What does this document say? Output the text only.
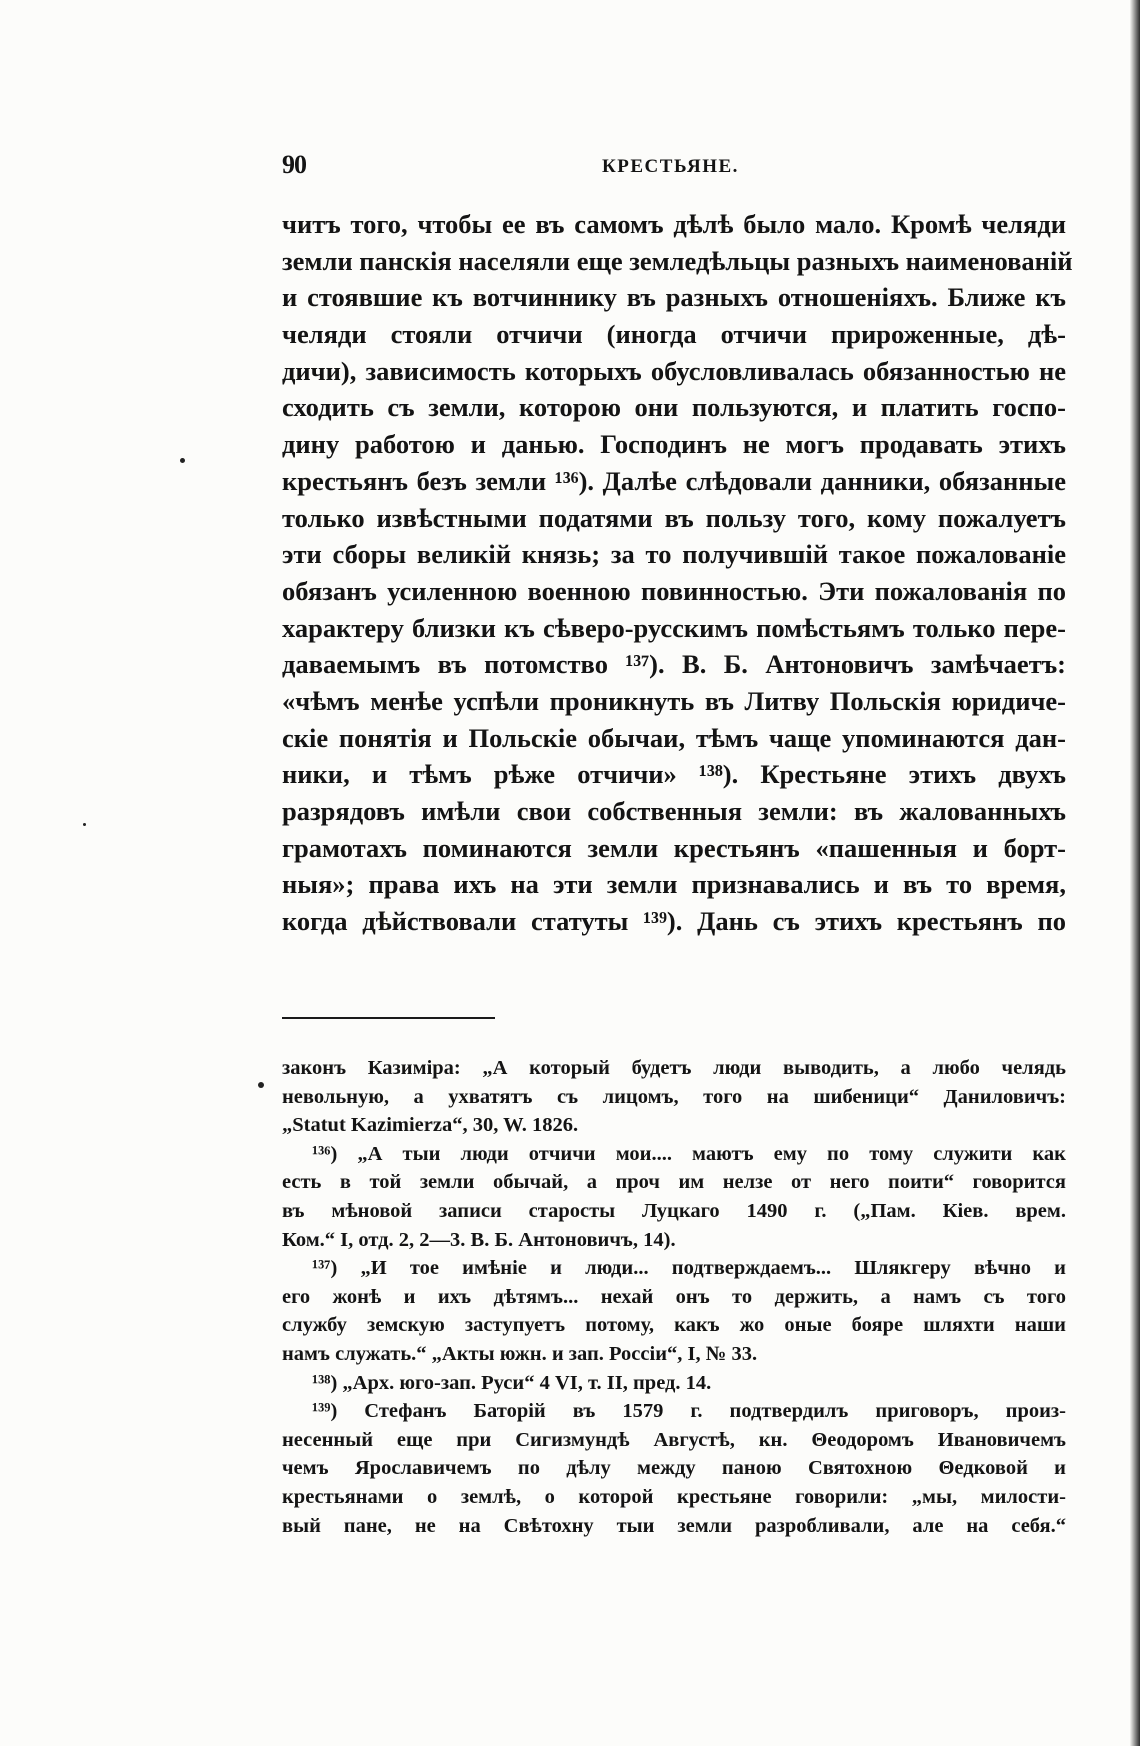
90	КРЕСТЬЯНЕ.
читъ того, чтобы ее въ самомъ дѣлѣ было мало. Кромѣ челяди
земли панскія населяли еще земледѣльцы разныхъ наименованій
и стоявшие къ вотчиннику въ разныхъ отношеніяхъ. Ближе къ
челяди стояли отчичи (иногда отчичи прироженные, дѣ-
дичи), зависимость которыхъ обусловливалась обязанностью не
сходить съ земли, которою они пользуются, и платить госпо-
дину работою и данью. Господинъ не могъ продавать этихъ
крестьянъ безъ земли ¹³⁶). Далѣе слѣдовали данники, обязанные
только извѣстными податями въ пользу того, кому пожалуетъ
эти сборы великій князь; за то получившій такое пожалованіе
обязанъ усиленною военною повинностью. Эти пожалованія по
характеру близки къ сѣверо-русскимъ помѣстьямъ только пере-
даваемымъ въ потомство ¹³⁷). В. Б. Антоновичъ замѣчаетъ:
«чѣмъ менѣе успѣли проникнуть въ Литву Польскія юридиче-
скіе понятія и Польскіе обычаи, тѣмъ чаще упоминаются дан-
ники, и тѣмъ рѣже отчичи» ¹³⁸). Крестьяне этихъ двухъ
разрядовъ имѣли свои собственныя земли: въ жалованныхъ
грамотахъ поминаются земли крестьянъ «пашенныя и борт-
ныя»; права ихъ на эти земли признавались и въ то время,
когда дѣйствовали статуты ¹³⁹). Дань съ этихъ крестьянъ по
законъ Казиміра: „А который будетъ люди выводить, а любо челядь
невольную, а ухватятъ съ лицомъ, того на шибеници“ Даниловичъ:
„Statut Kazimierza“, 30, W. 1826.
¹³⁶) „А тыи люди отчичи мои.... маютъ ему по тому служити как
есть в той земли обычай, а проч им нелзе от него поити“ говорится
въ мѣновой записи старосты Луцкаго 1490 г. („Пам. Кіев. врем.
Ком.“ I, отд. 2, 2—3. В. Б. Антоновичъ, 14).
¹³⁷) „И тое имѣніе и люди... подтверждаемъ... Шлякгеру вѣчно и
его жонѣ и ихъ дѣтямъ... нехай онъ то держить, а намъ съ того
службу земскую заступуетъ потому, какъ жо оные бояре шляхти наши
намъ служать.“ „Акты южн. и зап. Россіи“, I, № 33.
¹³⁸) „Арх. юго-зап. Руси“ 4 VI, т. II, пред. 14.
¹³⁹) Стефанъ Баторій въ 1579 г. подтвердилъ приговоръ, произ-
несенный еще при Сигизмундѣ Августѣ, кн. Θеодоромъ Ивановичемъ
чемъ Ярославичемъ по дѣлу между паною Святохною Θедковой и
крестьянами о землѣ, о которой крестьяне говорили: „мы, милости-
вый пане, не на Свѣтохну тыи земли разробливали, але на себя.“
